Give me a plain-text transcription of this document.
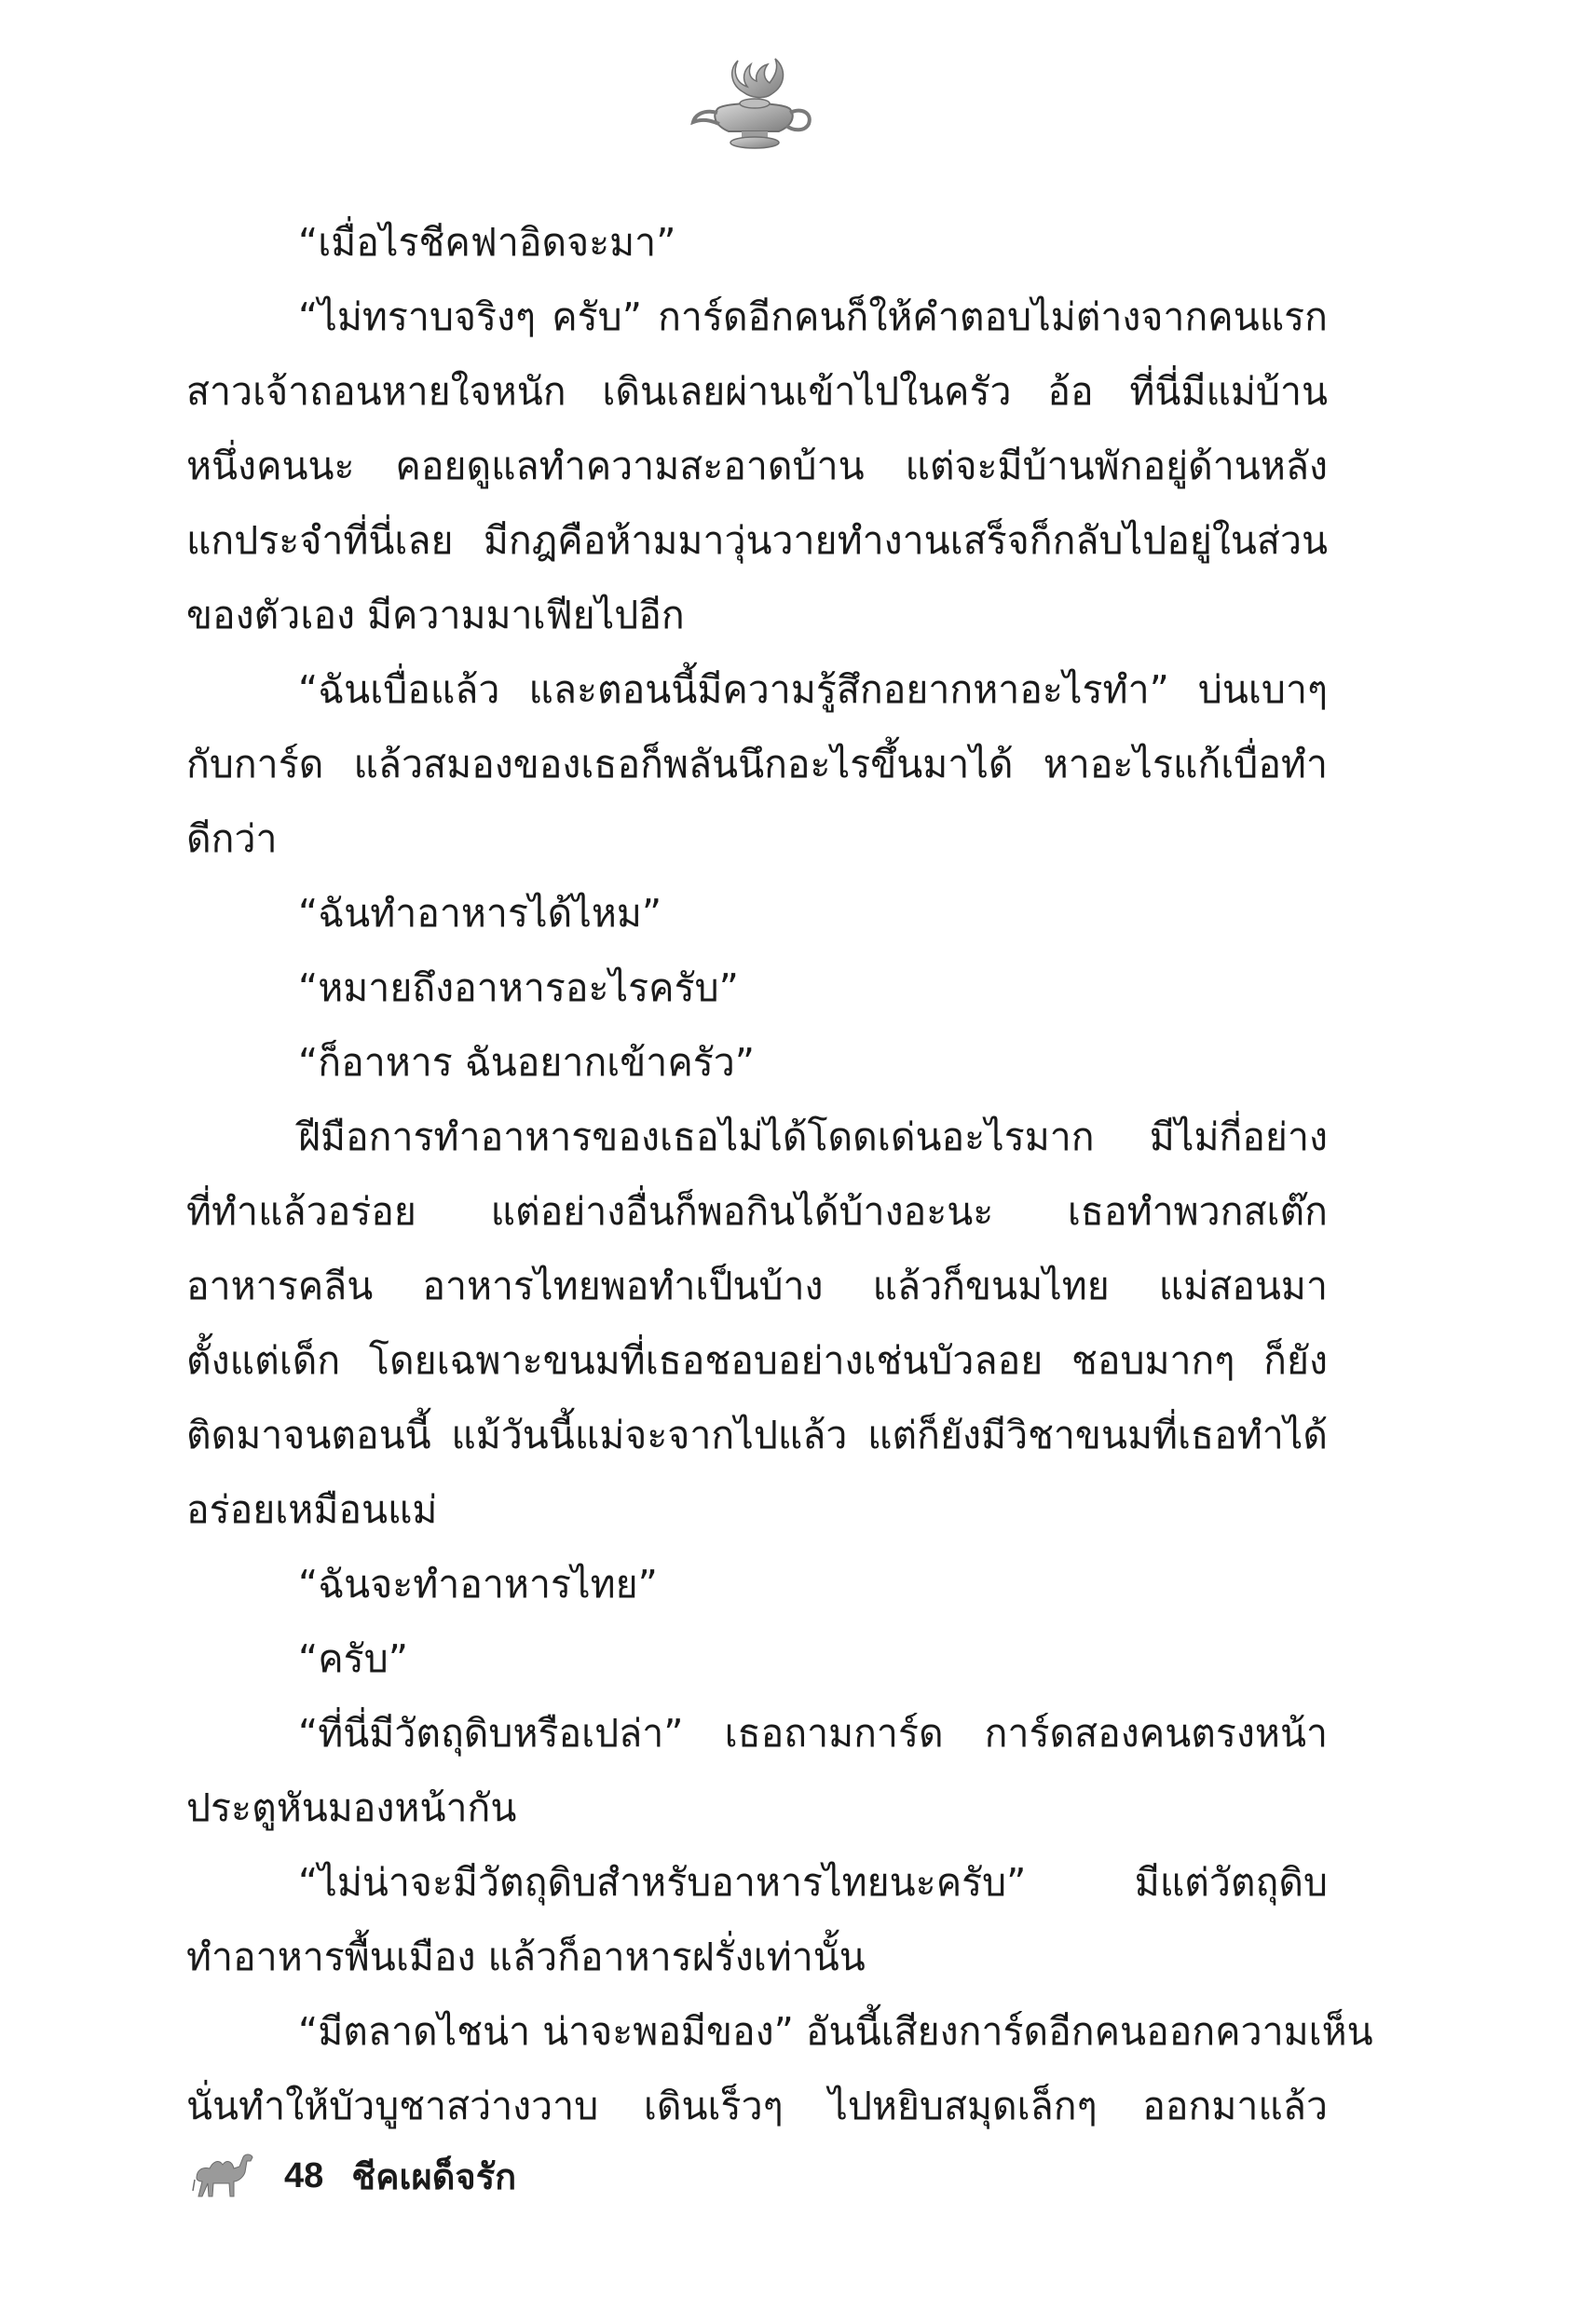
“เมื่อไรชีคฟาอิดจะมา”
“ไม่ทราบจริงๆ ครับ” การ์ดอีกคนก็ให้คำตอบไม่ต่างจากคนแรก
สาวเจ้าถอนหายใจหนัก เดินเลยผ่านเข้าไปในครัว อ้อ ที่นี่มีแม่บ้าน
หนึ่งคนนะ คอยดูแลทำความสะอาดบ้าน แต่จะมีบ้านพักอยู่ด้านหลัง
แกประจำที่นี่เลย มีกฎคือห้ามมาวุ่นวายทำงานเสร็จก็กลับไปอยู่ในส่วน
ของตัวเอง มีความมาเฟียไปอีก
“ฉันเบื่อแล้ว และตอนนี้มีความรู้สึกอยากหาอะไรทำ” บ่นเบาๆ
กับการ์ด แล้วสมองของเธอก็พลันนึกอะไรขึ้นมาได้ หาอะไรแก้เบื่อทำ
ดีกว่า
“ฉันทำอาหารได้ไหม”
“หมายถึงอาหารอะไรครับ”
“ก็อาหาร ฉันอยากเข้าครัว”
ฝีมือการทำอาหารของเธอไม่ได้โดดเด่นอะไรมาก มีไม่กี่อย่าง
ที่ทำแล้วอร่อย แต่อย่างอื่นก็พอกินได้บ้างอะนะ เธอทำพวกสเต๊ก
อาหารคลีน อาหารไทยพอทำเป็นบ้าง แล้วก็ขนมไทย แม่สอนมา
ตั้งแต่เด็ก โดยเฉพาะขนมที่เธอชอบอย่างเช่นบัวลอย ชอบมากๆ ก็ยัง
ติดมาจนตอนนี้ แม้วันนี้แม่จะจากไปแล้ว แต่ก็ยังมีวิชาขนมที่เธอทำได้
อร่อยเหมือนแม่
“ฉันจะทำอาหารไทย”
“ครับ”
“ที่นี่มีวัตถุดิบหรือเปล่า” เธอถามการ์ด การ์ดสองคนตรงหน้า
ประตูหันมองหน้ากัน
“ไม่น่าจะมีวัตถุดิบสำหรับอาหารไทยนะครับ” มีแต่วัตถุดิบ
ทำอาหารพื้นเมือง แล้วก็อาหารฝรั่งเท่านั้น
“มีตลาดไชน่า น่าจะพอมีของ” อันนี้เสียงการ์ดอีกคนออกความเห็น
นั่นทำให้บัวบูชาสว่างวาบ เดินเร็วๆ ไปหยิบสมุดเล็กๆ ออกมาแล้ว
48 ชีคเผด็จรัก
